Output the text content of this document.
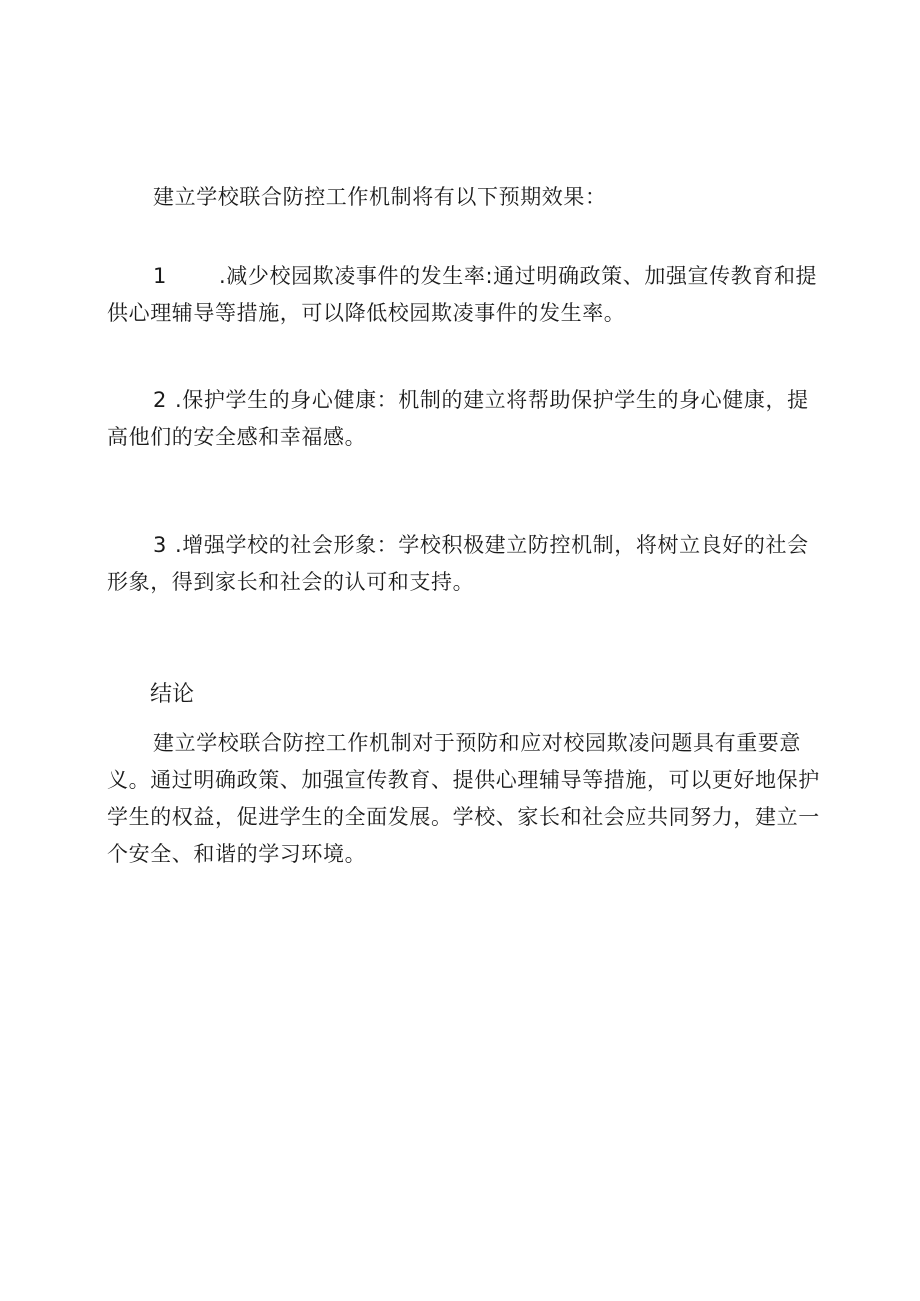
建立学校联合防控工作机制将有以下预期效果：

1 .减少校园欺凌事件的发生率:通过明确政策、加强宣传教育和提供心理辅导等措施，可以降低校园欺凌事件的发生率。

2 .保护学生的身心健康：机制的建立将帮助保护学生的身心健康，提高他们的安全感和幸福感。

3 .增强学校的社会形象：学校积极建立防控机制，将树立良好的社会形象，得到家长和社会的认可和支持。

结论

建立学校联合防控工作机制对于预防和应对校园欺凌问题具有重要意义。通过明确政策、加强宣传教育、提供心理辅导等措施，可以更好地保护学生的权益，促进学生的全面发展。学校、家长和社会应共同努力，建立一个安全、和谐的学习环境。
